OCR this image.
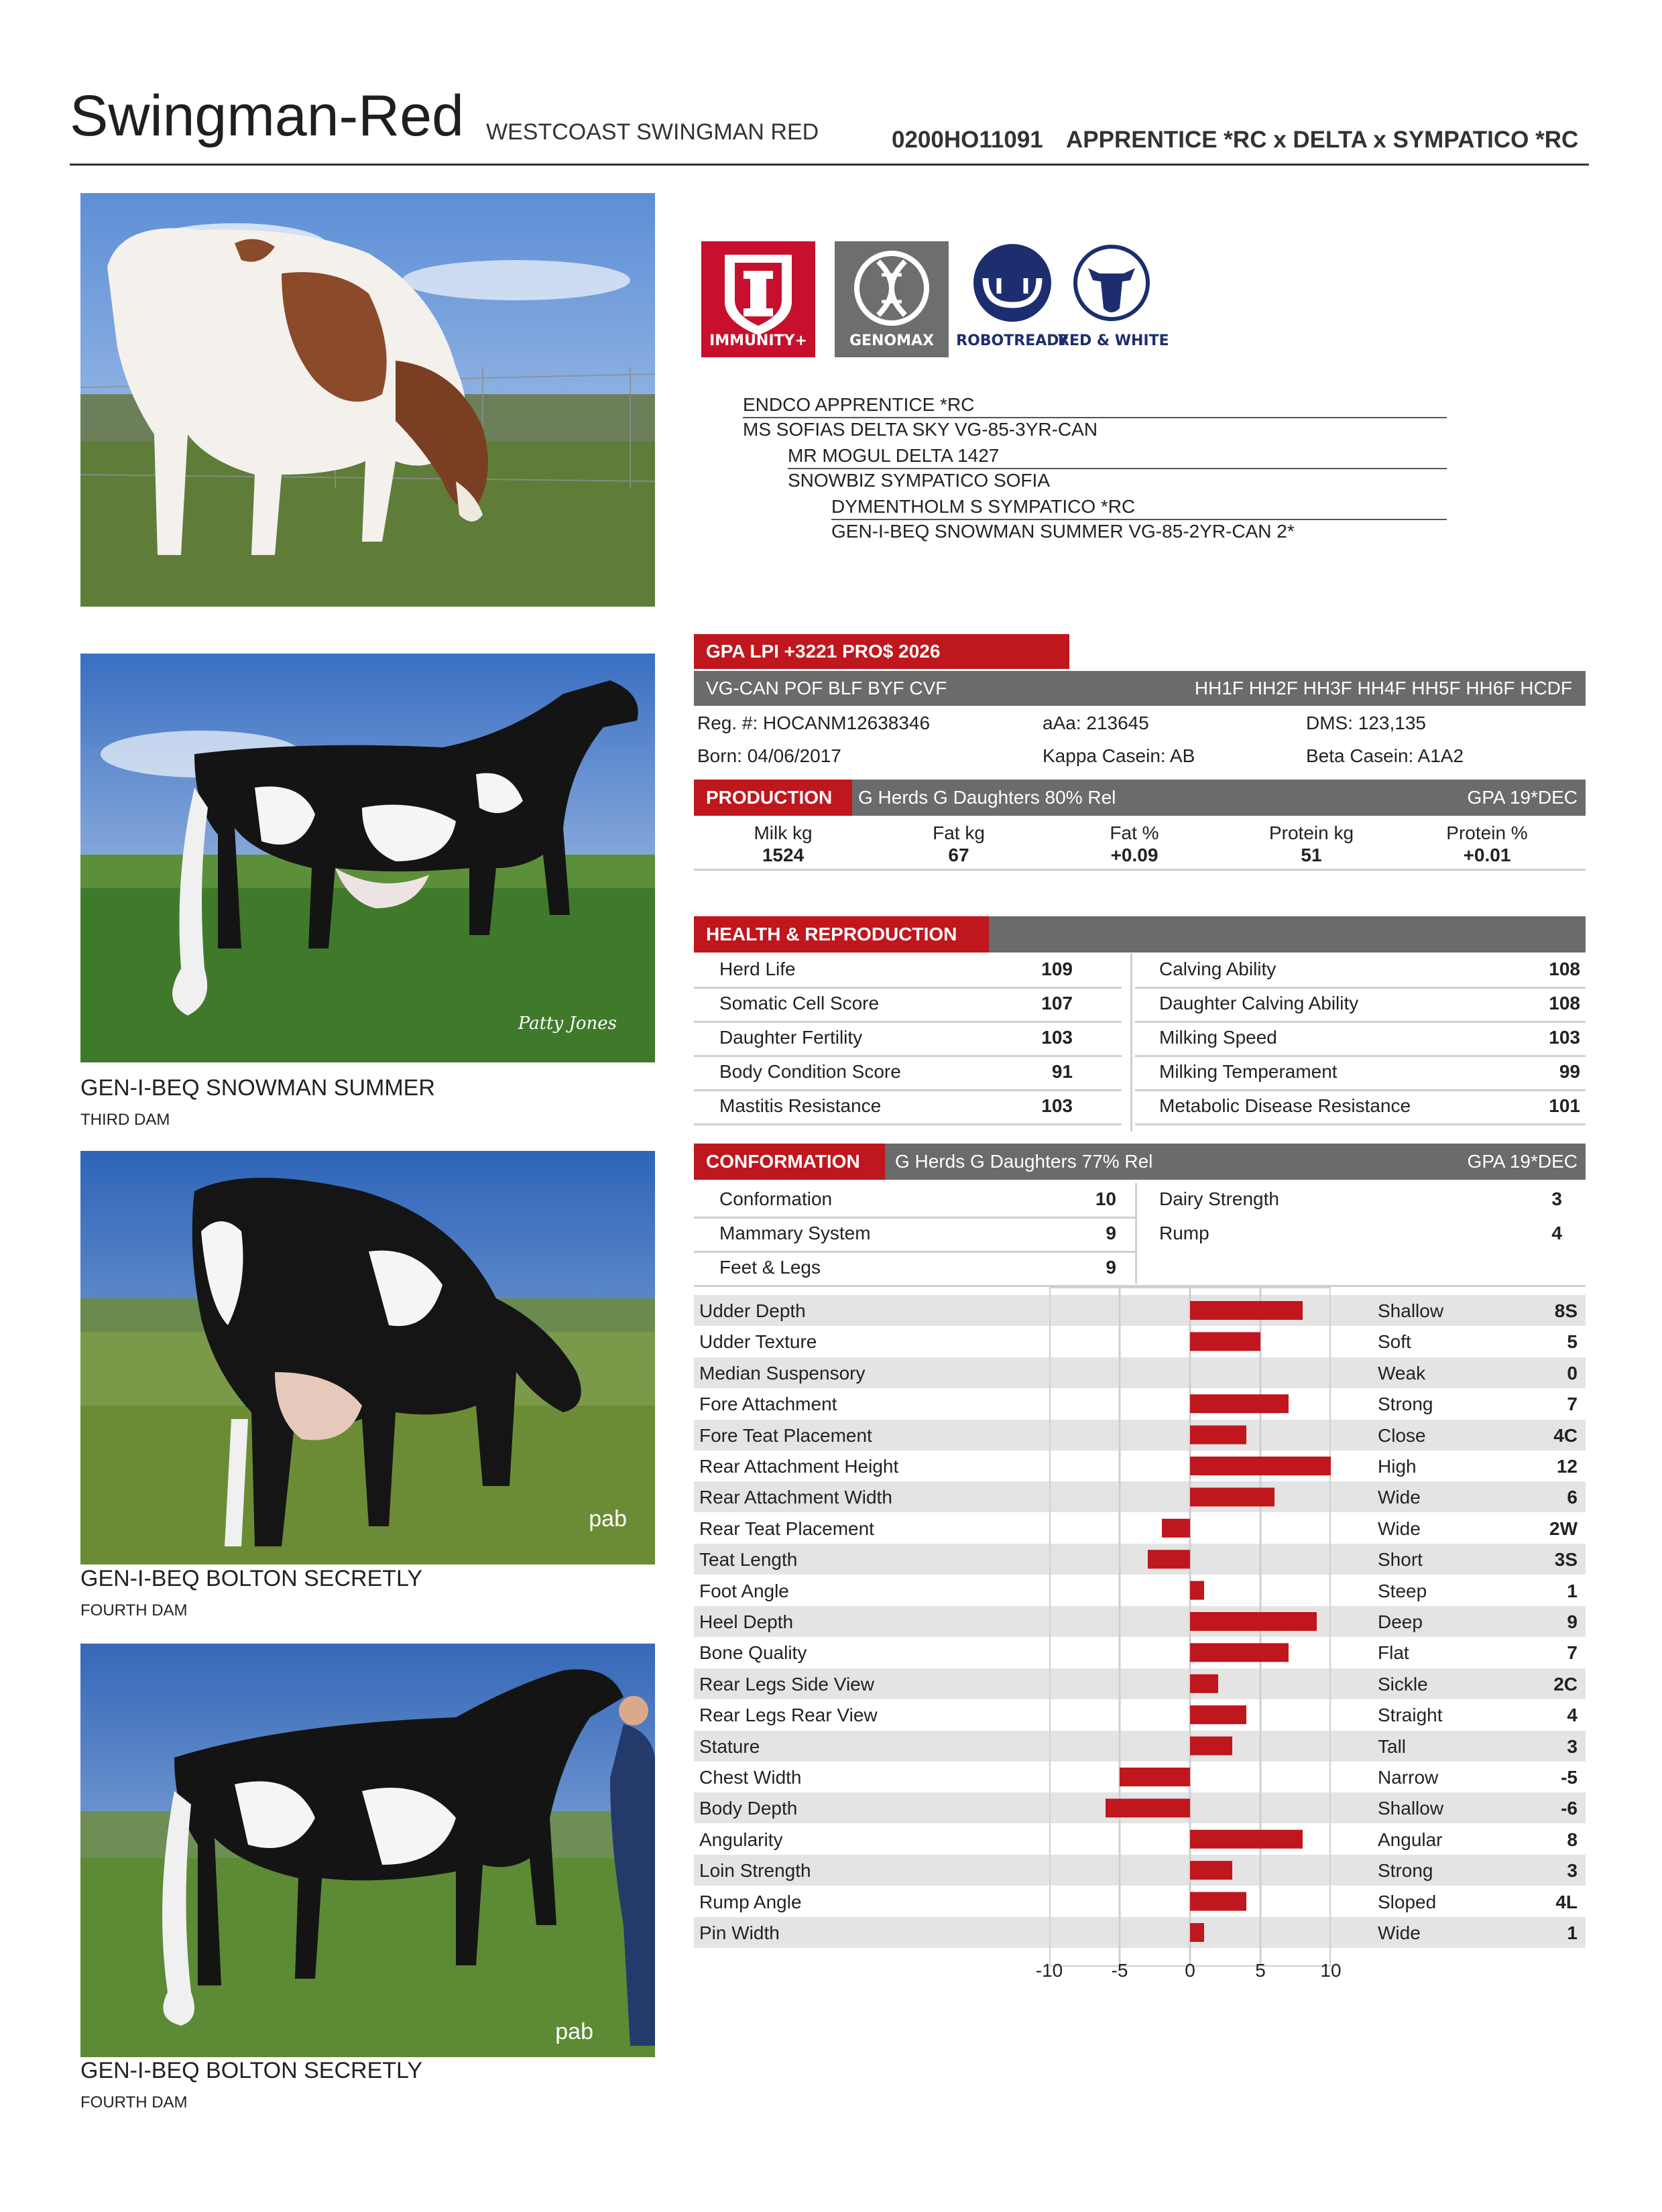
Swingman-Red WESTCOAST SWINGMAN RED	0200HO11091 APPRENTICE *RC x DELTA x SYMPATICO *RC
Patty Jones
GEN-I-BEQ SNOWMAN SUMMER
THIRD DAM
pab
GEN-I-BEQ BOLTON SECRETLY
FOURTH DAM
pab
GEN-I-BEQ BOLTON SECRETLY
FOURTH DAM
IMMUNITY+	GENOMAX	ROBOTREADY
RED & WHITE
ENDCO APPRENTICE *RC
MS SOFIAS DELTA SKY VG-85-3YR-CAN
MR MOGUL DELTA 1427
SNOWBIZ SYMPATICO SOFIA
DYMENTHOLM S SYMPATICO *RC
GEN-I-BEQ SNOWMAN SUMMER VG-85-2YR-CAN 2*
GPA LPI +3221 PRO$ 2026
VG-CAN POF BLF BYF CVF	HH1F HH2F HH3F HH4F HH5F HH6F HCDF
Reg. #: HOCANM12638346	aAa: 213645	DMS: 123,135
Born: 04/06/2017	Kappa Casein: AB	Beta Casein: A1A2
G Herds G Daughters 80% Rel	GPA 19*DEC
PRODUCTION
Milk kg
1524
Fat kg
67
Fat %
+0.09
Protein kg
51
Protein %
+0.01
HEALTH & REPRODUCTION
Herd Life	109
Somatic Cell Score	107
Daughter Fertility	103
Body Condition Score	91
Mastitis Resistance	103
Calving Ability	108
Daughter Calving Ability	108
Milking Speed	103
Milking Temperament	99
Metabolic Disease Resistance	101
G Herds G Daughters 77% Rel	GPA 19*DEC
CONFORMATION
Conformation	10
Mammary System	9
Feet & Legs	9
Dairy Strength	3
Rump	4
Udder Depth	Shallow	8S
Udder Texture	Soft	5
Median Suspensory	Weak	0
Fore Attachment	Strong	7
Fore Teat Placement	Close	4C
Rear Attachment Height	High	12
Rear Attachment Width	Wide	6
Rear Teat Placement	Wide	2W
Teat Length	Short	3S
Foot Angle	Steep	1
Heel Depth	Deep	9
Bone Quality	Flat	7
Rear Legs Side View	Sickle	2C
Rear Legs Rear View	Straight	4
Stature	Tall	3
Chest Width	Narrow	-5
Body Depth	Shallow	-6
Angularity	Angular	8
Loin Strength	Strong	3
Rump Angle	Sloped	4L
Pin Width	Wide	1
-10	-5	0	5	10
